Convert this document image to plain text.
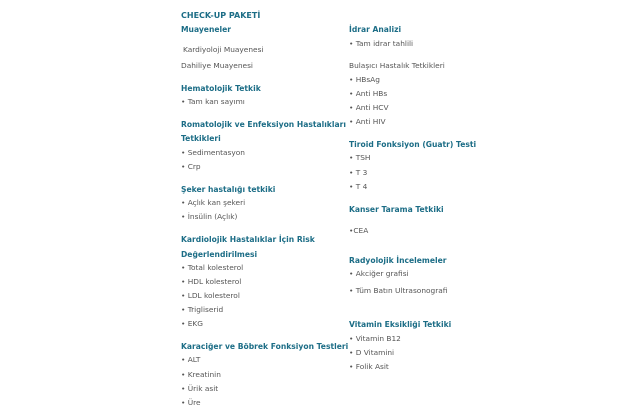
CHECK-UP PAKETİ
Muayeneler
Kardiyoloji Muayenesi
Dahiliye Muayenesi
Hematolojik Tetkik
• Tam kan sayımı
Romatolojik ve Enfeksiyon Hastalıkları
Tetkikleri
• Sedimentasyon
• Crp
Şeker hastalığı tetkiki
• Açlık kan şekeri
• İnsülin (Açlık)
Kardiolojik Hastalıklar İçin Risk
Değerlendirilmesi
• Total kolesterol
• HDL kolesterol
• LDL kolesterol
• Trigliserid
• EKG
Karaciğer ve Böbrek Fonksiyon Testleri
• ALT
• Kreatinin
• Ürik asit
• Üre
İdrar Analizi
• Tam idrar tahlili
Bulaşıcı Hastalık Tetkikleri
• HBsAg
• Anti HBs
• Anti HCV
• Anti HIV
Tiroid Fonksiyon (Guatr) Testi
• TSH
• T 3
• T 4
Kanser Tarama Tetkiki
•CEA
Radyolojik İncelemeler
• Akciğer grafisi
• Tüm Batın Ultrasonografi
Vitamin Eksikliği Tetkiki
• Vitamin B12
• D Vitamini
• Folik Asit
